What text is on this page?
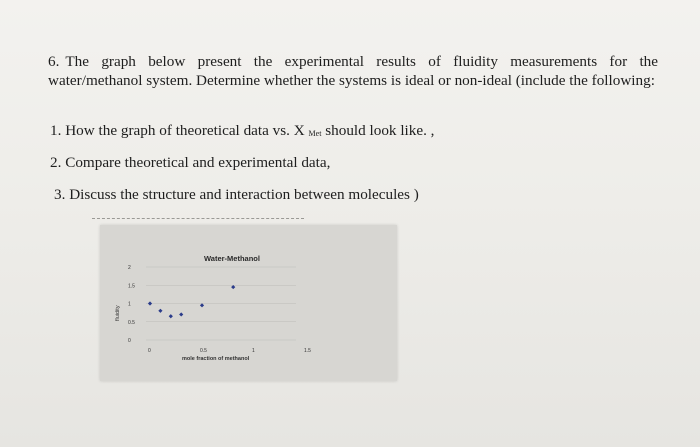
6. The graph below present the experimental results of fluidity measurements for the water/methanol system. Determine whether the systems is ideal or non-ideal (include the following:
1. How the graph of theoretical data vs. X $_{Met}$ should look like. ,
2. Compare theoretical and experimental data,
3. Discuss the structure and interaction between molecules )
Water-Methanol
fluidity
mole fraction of methanol
0
0.5
1
1.5
2
0	0.5	1	1.5
